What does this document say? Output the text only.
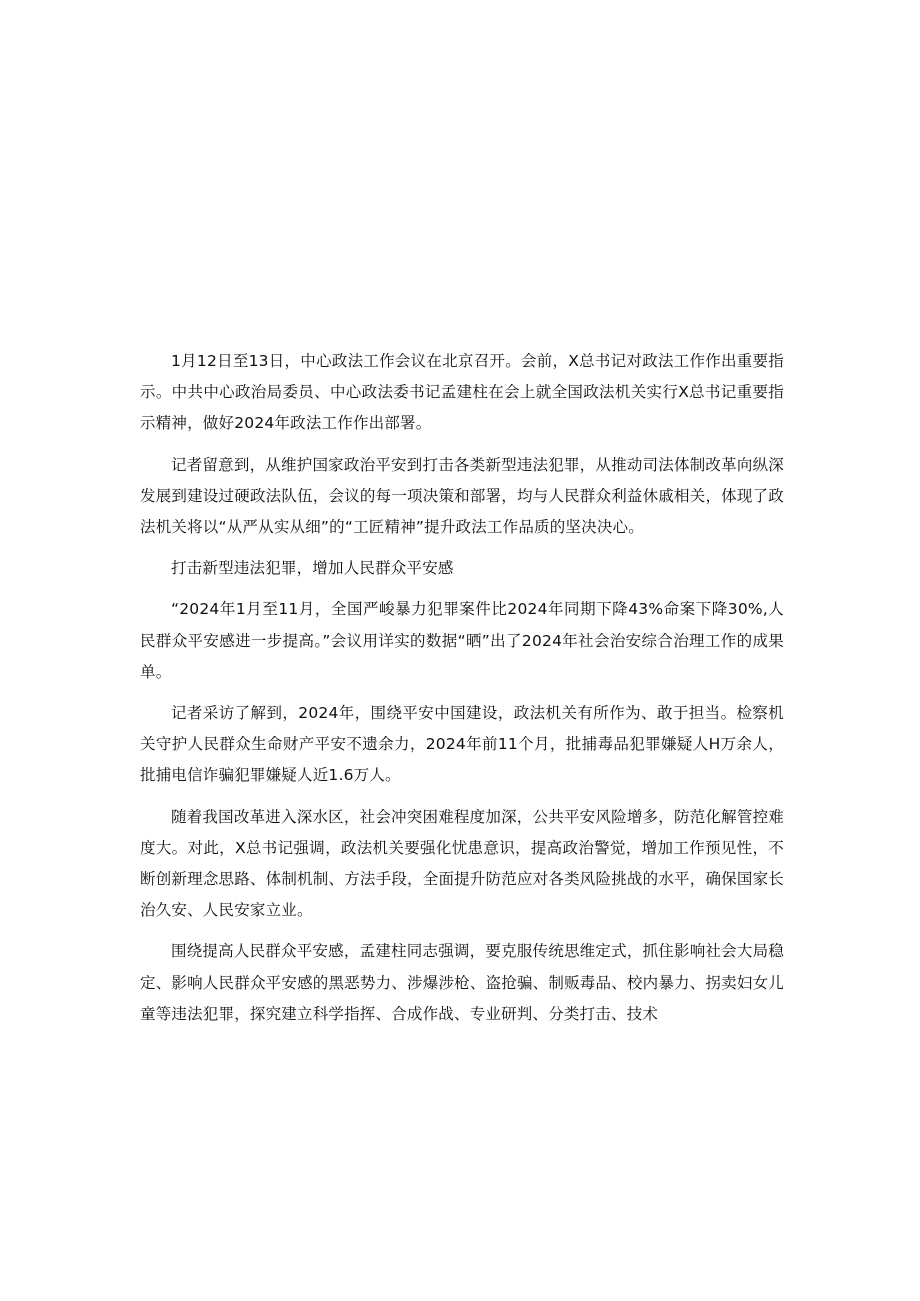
1月12日至13日，中心政法工作会议在北京召开。会前，X总书记对政法工作作出重要指示。中共中心政治局委员、中心政法委书记孟建柱在会上就全国政法机关实行X总书记重要指示精神，做好2024年政法工作作出部署。

记者留意到，从维护国家政治平安到打击各类新型违法犯罪，从推动司法体制改革向纵深发展到建设过硬政法队伍，会议的每一项决策和部署，均与人民群众利益休戚相关，体现了政法机关将以“从严从实从细”的“工匠精神”提升政法工作品质的坚决决心。

打击新型违法犯罪，增加人民群众平安感

“2024年1月至11月，全国严峻暴力犯罪案件比2024年同期下降43%命案下降30%,人民群众平安感进一步提高。”会议用详实的数据“晒”出了2024年社会治安综合治理工作的成果单。

记者采访了解到，2024年，围绕平安中国建设，政法机关有所作为、敢于担当。检察机关守护人民群众生命财产平安不遗余力，2024年前11个月，批捕毒品犯罪嫌疑人H万余人，批捕电信诈骗犯罪嫌疑人近1.6万人。

随着我国改革进入深水区，社会冲突困难程度加深，公共平安风险增多，防范化解管控难度大。对此，X总书记强调，政法机关要强化忧患意识，提高政治警觉，增加工作预见性，不断创新理念思路、体制机制、方法手段，全面提升防范应对各类风险挑战的水平，确保国家长治久安、人民安家立业。

围绕提高人民群众平安感，孟建柱同志强调，要克服传统思维定式，抓住影响社会大局稳定、影响人民群众平安感的黑恶势力、涉爆涉枪、盗抢骗、制贩毒品、校内暴力、拐卖妇女儿童等违法犯罪，探究建立科学指挥、合成作战、专业研判、分类打击、技术
